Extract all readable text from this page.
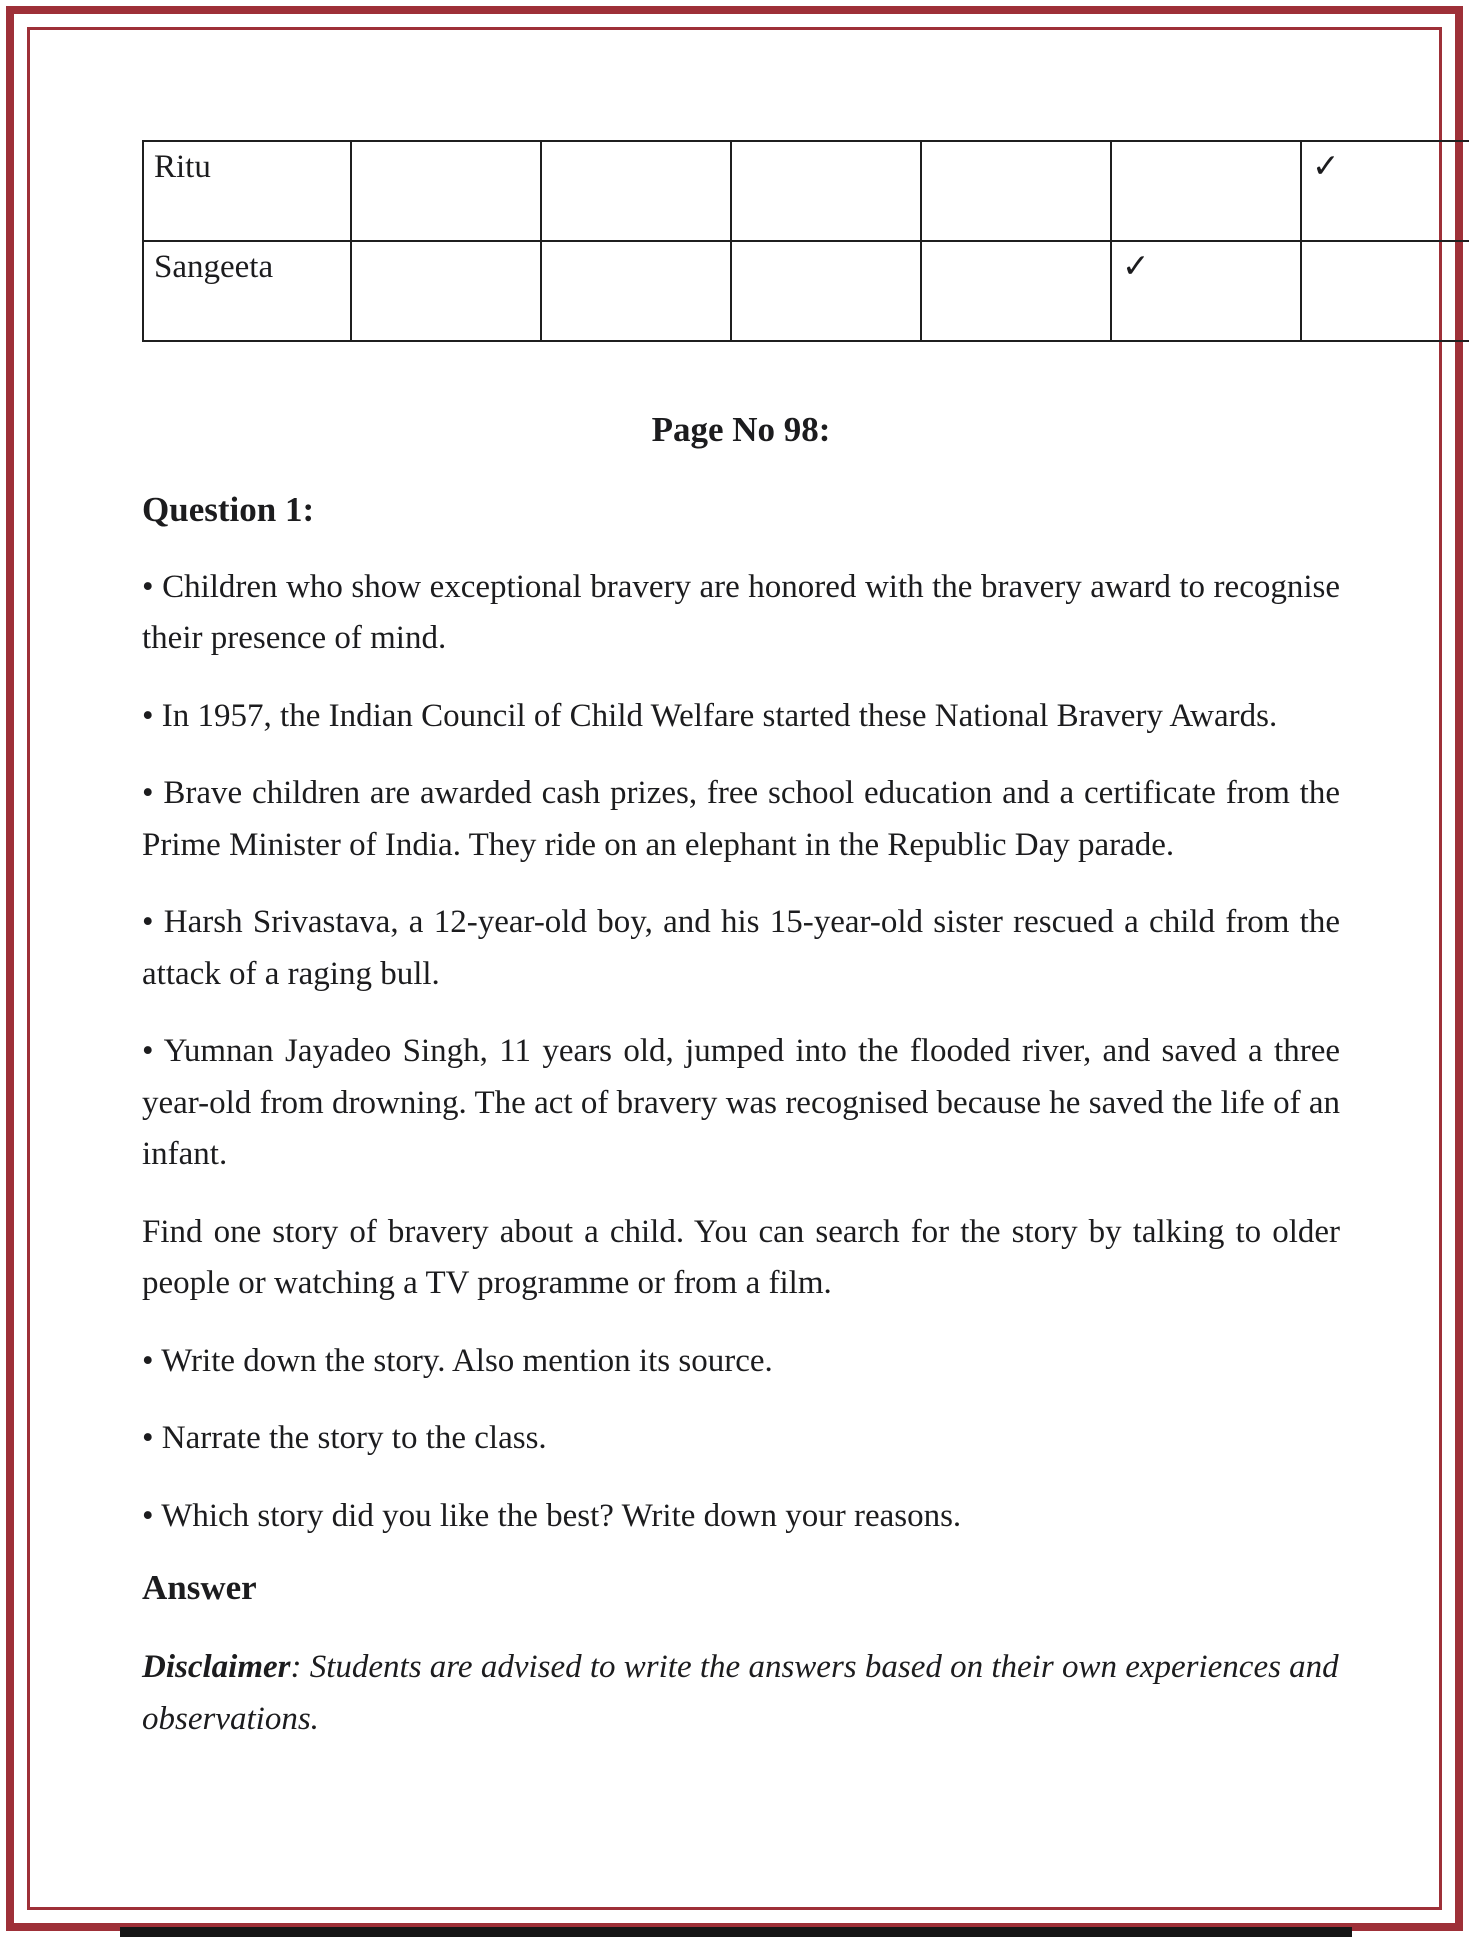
Ritu						✓
Sangeeta					✓	
Page No 98:
Question 1:

• Children who show exceptional bravery are honored with the bravery award to recognise their presence of mind.

• In 1957, the Indian Council of Child Welfare started these National Bravery Awards.

• Brave children are awarded cash prizes, free school education and a certificate from the Prime Minister of India. They ride on an elephant in the Republic Day parade.

• Harsh Srivastava, a 12-year-old boy, and his 15-year-old sister rescued a child from the attack of a raging bull.

• Yumnan Jayadeo Singh, 11 years old, jumped into the flooded river, and saved a three year-old from drowning. The act of bravery was recognised because he saved the life of an infant.

Find one story of bravery about a child. You can search for the story by talking to older people or watching a TV programme or from a film.

• Write down the story. Also mention its source.

• Narrate the story to the class.

• Which story did you like the best? Write down your reasons.

Answer

Disclaimer: Students are advised to write the answers based on their own experiences and observations.
